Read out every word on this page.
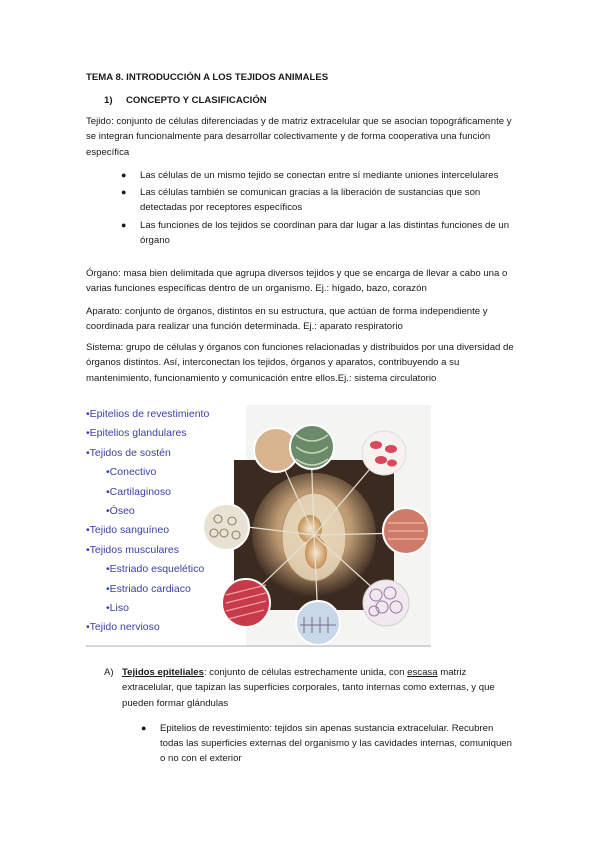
TEMA 8. INTRODUCCIÓN A LOS TEJIDOS ANIMALES
1) CONCEPTO Y CLASIFICACIÓN
Tejido: conjunto de células diferenciadas y de matriz extracelular que se asocian topográficamente y se integran funcionalmente para desarrollar colectivamente y de forma cooperativa una función específica
● Las células de un mismo tejido se conectan entre sí mediante uniones intercelulares
● Las células también se comunican gracias a la liberación de sustancias que son detectadas por receptores específicos
● Las funciones de los tejidos se coordinan para dar lugar a las distintas funciones de un órgano
Órgano: masa bien delimitada que agrupa diversos tejidos y que se encarga de llevar a cabo una o varias funciones específicas dentro de un organismo. Ej.: hígado, bazo, corazón
Aparato: conjunto de órganos, distintos en su estructura, que actúan de forma independiente y coordinada para realizar una función determinada. Ej.: aparato respiratorio
Sistema: grupo de células y órganos con funciones relacionadas y distribuidos por una diversidad de órganos distintos. Así, interconectan los tejidos, órganos y aparatos, contribuyendo a su mantenimiento, funcionamiento y comunicación entre ellos.Ej.: sistema circulatorio
•Epitelios de revestimiento
•Epitelios glandulares
•Tejidos de sostén
•Conectivo
•Cartilaginoso
•Óseo
•Tejido sanguíneo
•Tejidos musculares
•Estriado esquelético
•Estriado cardiaco
•Liso
•Tejido nervioso
A) Tejidos epiteliales: conjunto de células estrechamente unida, con escasa matriz extracelular, que tapizan las superficies corporales, tanto internas como externas, y que pueden formar glándulas
● Epitelios de revestimiento: tejidos sin apenas sustancia extracelular. Recubren todas las superficies externas del organismo y las cavidades internas, comuniquen o no con el exterior
